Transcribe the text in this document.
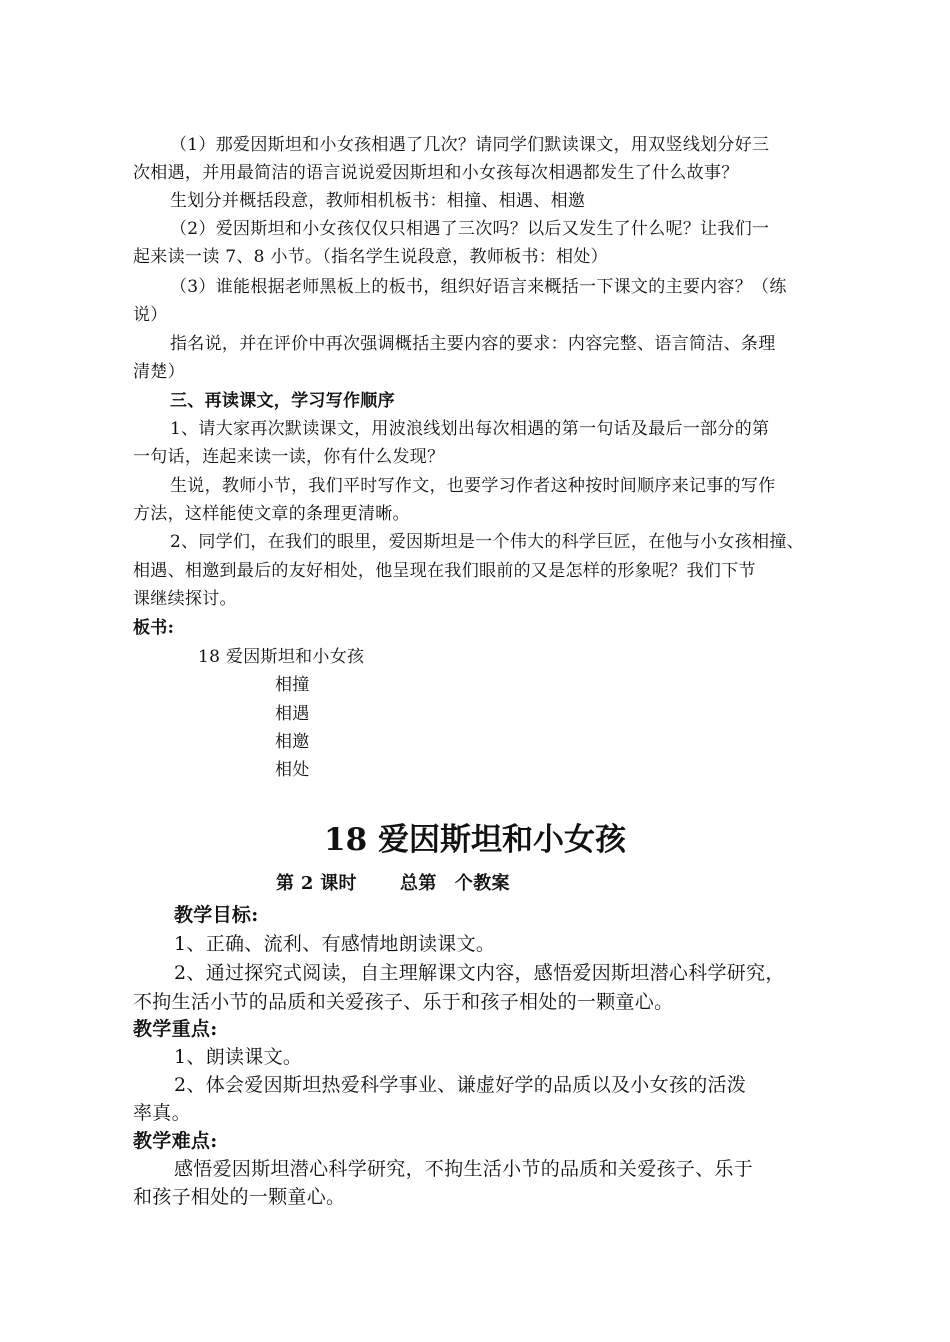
（1）那爱因斯坦和小女孩相遇了几次？请同学们默读课文，用双竖线划分好三
次相遇，并用最简洁的语言说说爱因斯坦和小女孩每次相遇都发生了什么故事？
生划分并概括段意，教师相机板书：相撞、相遇、相邀
（2）爱因斯坦和小女孩仅仅只相遇了三次吗？以后又发生了什么呢？让我们一
起来读一读 7、8 小节。（指名学生说段意，教师板书：相处）
（3）谁能根据老师黑板上的板书，组织好语言来概括一下课文的主要内容？（练
说）
指名说，并在评价中再次强调概括主要内容的要求：内容完整、语言简洁、条理
清楚）
三、再读课文，学习写作顺序
1、请大家再次默读课文，用波浪线划出每次相遇的第一句话及最后一部分的第
一句话，连起来读一读，你有什么发现？
生说，教师小节，我们平时写作文，也要学习作者这种按时间顺序来记事的写作
方法，这样能使文章的条理更清晰。
2、同学们，在我们的眼里，爱因斯坦是一个伟大的科学巨匠，在他与小女孩相撞、
相遇、相邀到最后的友好相处，他呈现在我们眼前的又是怎样的形象呢？我们下节
课继续探讨。
板书:
18 爱因斯坦和小女孩
相撞
相遇
相邀
相处
18 爱因斯坦和小女孩
第 2 课时　　 总第　个教案
教学目标:
1、正确、流利、有感情地朗读课文。
2、通过探究式阅读，自主理解课文内容，感悟爱因斯坦潜心科学研究，
不拘生活小节的品质和关爱孩子、乐于和孩子相处的一颗童心。
教学重点:
1、朗读课文。
2、体会爱因斯坦热爱科学事业、谦虚好学的品质以及小女孩的活泼
率真。
教学难点:
感悟爱因斯坦潜心科学研究，不拘生活小节的品质和关爱孩子、乐于
和孩子相处的一颗童心。
